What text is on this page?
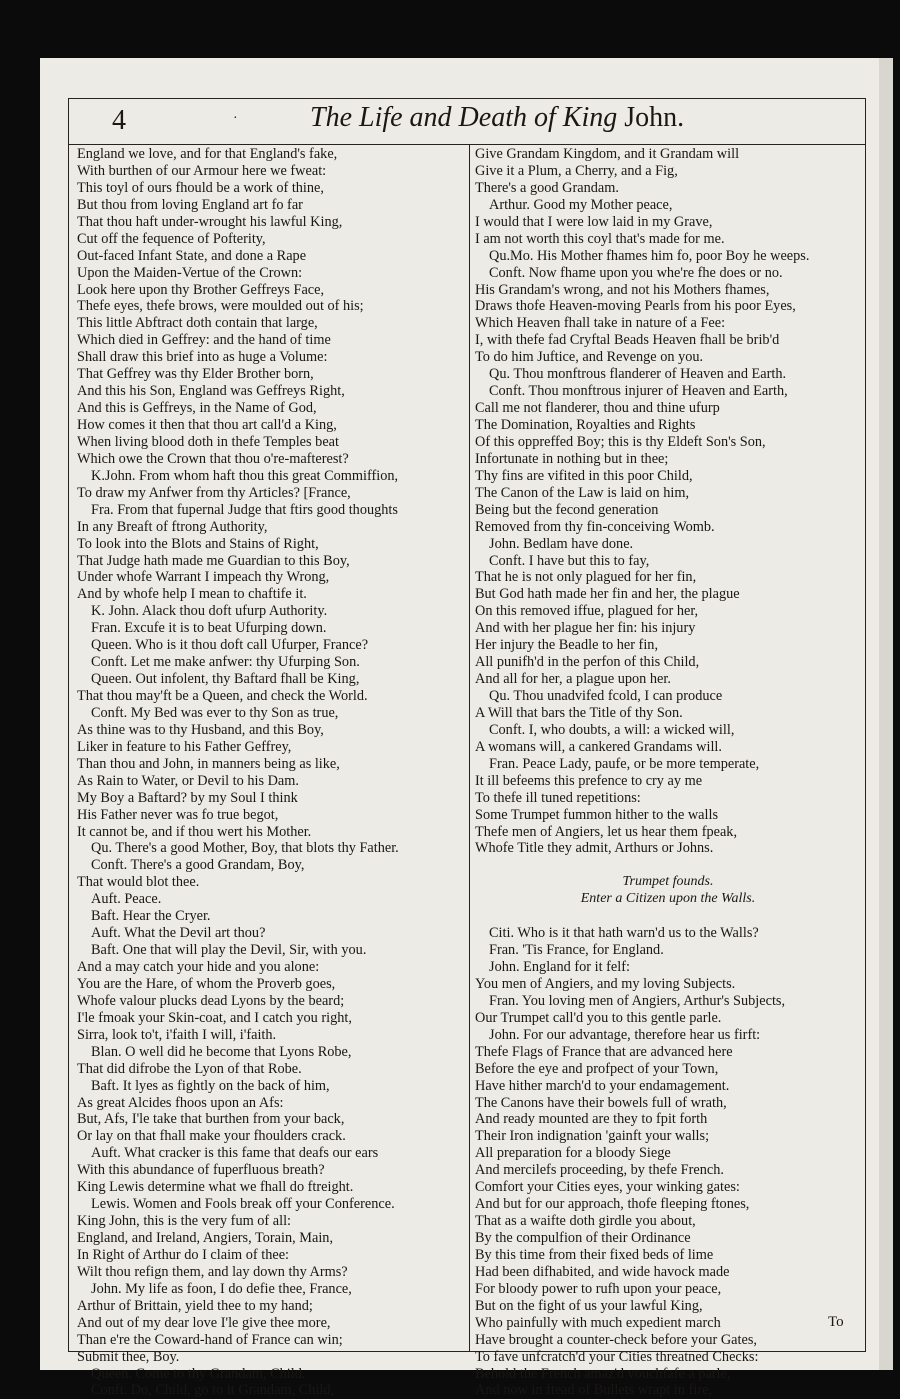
4	·	The Life and Death of King John.
England we love, and for that England's fake,
With burthen of our Armour here we fweat:
This toyl of ours fhould be a work of thine,
But thou from loving England art fo far
That thou haft under-wrought his lawful King,
Cut off the fequence of Pofterity,
Out-faced Infant State, and done a Rape
Upon the Maiden-Vertue of the Crown:
Look here upon thy Brother Geffreys Face,
Thefe eyes, thefe brows, were moulded out of his;
This little Abftract doth contain that large,
Which died in Geffrey: and the hand of time
Shall draw this brief into as huge a Volume:
That Geffrey was thy Elder Brother born,
And this his Son, England was Geffreys Right,
And this is Geffreys, in the Name of God,
How comes it then that thou art call'd a King,
When living blood doth in thefe Temples beat
Which owe the Crown that thou o're-mafterest?
K.John. From whom haft thou this great Commiffion,
To draw my Anfwer from thy Articles? [France,
Fra. From that fupernal Judge that ftirs good thoughts
In any Breaft of ftrong Authority,
To look into the Blots and Stains of Right,
That Judge hath made me Guardian to this Boy,
Under whofe Warrant I impeach thy Wrong,
And by whofe help I mean to chaftife it.
K. John. Alack thou doft ufurp Authority.
Fran. Excufe it is to beat Ufurping down.
Queen. Who is it thou doft call Ufurper, France?
Conft. Let me make anfwer: thy Ufurping Son.
Queen. Out infolent, thy Baftard fhall be King,
That thou may'ft be a Queen, and check the World.
Conft. My Bed was ever to thy Son as true,
As thine was to thy Husband, and this Boy,
Liker in feature to his Father Geffrey,
Than thou and John, in manners being as like,
As Rain to Water, or Devil to his Dam.
My Boy a Baftard? by my Soul I think
His Father never was fo true begot,
It cannot be, and if thou wert his Mother.
Qu. There's a good Mother, Boy, that blots thy Father.
Conft. There's a good Grandam, Boy,
That would blot thee.
Auft. Peace.
Baft. Hear the Cryer.
Auft. What the Devil art thou?
Baft. One that will play the Devil, Sir, with you.
And a may catch your hide and you alone:
You are the Hare, of whom the Proverb goes,
Whofe valour plucks dead Lyons by the beard;
I'le fmoak your Skin-coat, and I catch you right,
Sirra, look to't, i'faith I will, i'faith.
Blan. O well did he become that Lyons Robe,
That did difrobe the Lyon of that Robe.
Baft. It lyes as fightly on the back of him,
As great Alcides fhoos upon an Afs:
But, Afs, I'le take that burthen from your back,
Or lay on that fhall make your fhoulders crack.
Auft. What cracker is this fame that deafs our ears
With this abundance of fuperfluous breath?
King Lewis determine what we fhall do ftreight.
Lewis. Women and Fools break off your Conference.
King John, this is the very fum of all:
England, and Ireland, Angiers, Torain, Main,
In Right of Arthur do I claim of thee:
Wilt thou refign them, and lay down thy Arms?
John. My life as foon, I do defie thee, France,
Arthur of Brittain, yield thee to my hand;
And out of my dear love I'le give thee more,
Than e're the Coward-hand of France can win;
Submit thee, Boy.
Queen. Come to thy Grandam, Child.
Conft. Do, Child, go to it Grandam, Child,
Give Grandam Kingdom, and it Grandam will
Give it a Plum, a Cherry, and a Fig,
There's a good Grandam.
Arthur. Good my Mother peace,
I would that I were low laid in my Grave,
I am not worth this coyl that's made for me.
Qu.Mo. His Mother fhames him fo, poor Boy he weeps.
Conft. Now fhame upon you whe're fhe does or no.
His Grandam's wrong, and not his Mothers fhames,
Draws thofe Heaven-moving Pearls from his poor Eyes,
Which Heaven fhall take in nature of a Fee:
I, with thefe fad Cryftal Beads Heaven fhall be brib'd
To do him Juftice, and Revenge on you.
Qu. Thou monftrous flanderer of Heaven and Earth.
Conft. Thou monftrous injurer of Heaven and Earth,
Call me not flanderer, thou and thine ufurp
The Domination, Royalties and Rights
Of this oppreffed Boy; this is thy Eldeft Son's Son,
Infortunate in nothing but in thee;
Thy fins are vifited in this poor Child,
The Canon of the Law is laid on him,
Being but the fecond generation
Removed from thy fin-conceiving Womb.
John. Bedlam have done.
Conft. I have but this to fay,
That he is not only plagued for her fin,
But God hath made her fin and her, the plague
On this removed iffue, plagued for her,
And with her plague her fin: his injury
Her injury the Beadle to her fin,
All punifh'd in the perfon of this Child,
And all for her, a plague upon her.
Qu. Thou unadvifed fcold, I can produce
A Will that bars the Title of thy Son.
Conft. I, who doubts, a will: a wicked will,
A womans will, a cankered Grandams will.
Fran. Peace Lady, paufe, or be more temperate,
It ill befeems this prefence to cry ay me
To thefe ill tuned repetitions:
Some Trumpet fummon hither to the walls
Thefe men of Angiers, let us hear them fpeak,
Whofe Title they admit, Arthurs or Johns.
Trumpet founds.
Enter a Citizen upon the Walls.
Citi. Who is it that hath warn'd us to the Walls?
Fran. 'Tis France, for England.
John. England for it felf:
You men of Angiers, and my loving Subjects.
Fran. You loving men of Angiers, Arthur's Subjects,
Our Trumpet call'd you to this gentle parle.
John. For our advantage, therefore hear us firft:
Thefe Flags of France that are advanced here
Before the eye and profpect of your Town,
Have hither march'd to your endamagement.
The Canons have their bowels full of wrath,
And ready mounted are they to fpit forth
Their Iron indignation 'gainft your walls;
All preparation for a bloody Siege
And mercilefs proceeding, by thefe French.
Comfort your Cities eyes, your winking gates:
And but for our approach, thofe fleeping ftones,
That as a waifte doth girdle you about,
By the compulfion of their Ordinance
By this time from their fixed beds of lime
Had been difhabited, and wide havock made
For bloody power to rufh upon your peace,
But on the fight of us your lawful King,
Who painfully with much expedient march
Have brought a counter-check before your Gates,
To fave unfcratch'd your Cities threatned Checks:
Behold the French amaz'd vouchfafe a parle,
And now in ftead of Bullets wrapt in fire,
To
